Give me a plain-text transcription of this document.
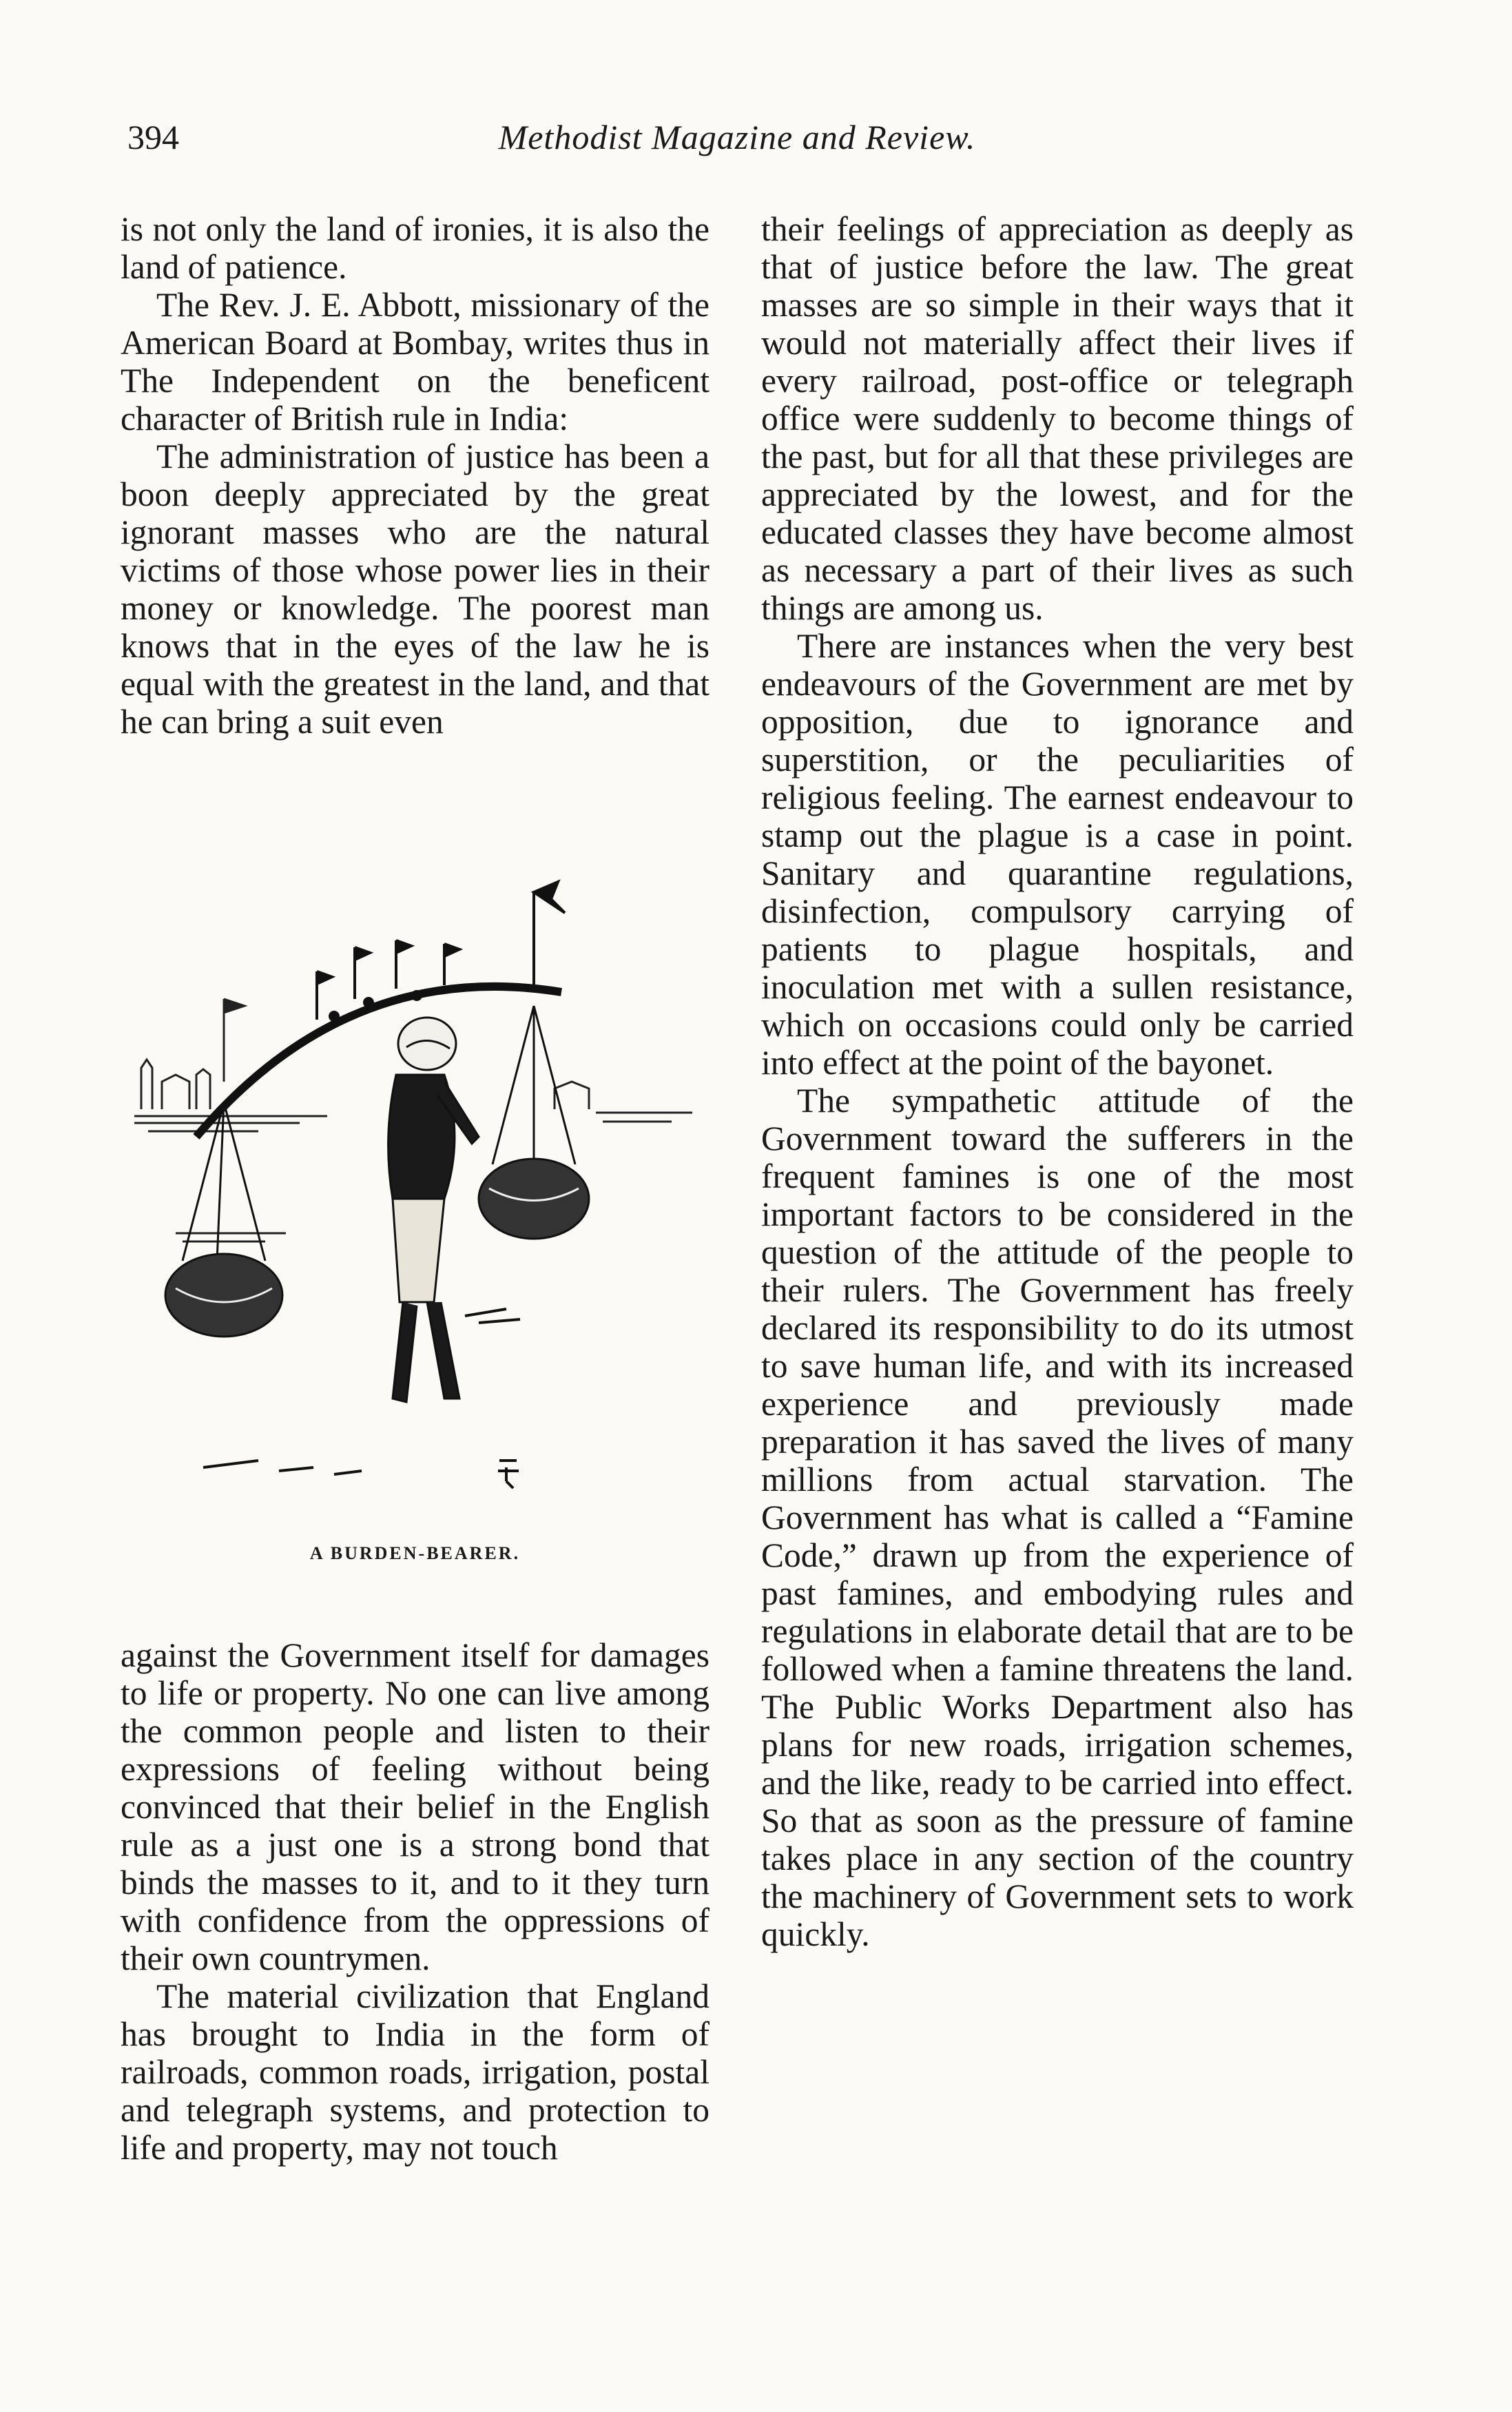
394	Methodist Magazine and Review.

is not only the land of ironies, it is also the land of patience.

The Rev. J. E. Abbott, missionary of the American Board at Bombay, writes thus in The Independent on the beneficent character of British rule in India:

The administration of justice has been a boon deeply appreciated by the great ignorant masses who are the natural victims of those whose power lies in their money or knowledge. The poorest man knows that in the eyes of the law he is equal with the greatest in the land, and that he can bring a suit even

A BURDEN-BEARER.

against the Government itself for damages to life or property. No one can live among the common people and listen to their expressions of feeling without being convinced that their belief in the English rule as a just one is a strong bond that binds the masses to it, and to it they turn with confidence from the oppressions of their own countrymen.

The material civilization that England has brought to India in the form of railroads, common roads, irrigation, postal and telegraph systems, and protection to life and property, may not touch

their feelings of appreciation as deeply as that of justice before the law. The great masses are so simple in their ways that it would not materially affect their lives if every railroad, post-office or telegraph office were suddenly to become things of the past, but for all that these privileges are appreciated by the lowest, and for the educated classes they have become almost as necessary a part of their lives as such things are among us.

There are instances when the very best endeavours of the Government are met by opposition, due to ignorance and superstition, or the peculiarities of religious feeling. The earnest endeavour to stamp out the plague is a case in point. Sanitary and quarantine regulations, disinfection, compulsory carrying of patients to plague hospitals, and inoculation met with a sullen resistance, which on occasions could only be carried into effect at the point of the bayonet.

The sympathetic attitude of the Government toward the sufferers in the frequent famines is one of the most important factors to be considered in the question of the attitude of the people to their rulers. The Government has freely declared its responsibility to do its utmost to save human life, and with its increased experience and previously made preparation it has saved the lives of many millions from actual starvation. The Government has what is called a “Famine Code,” drawn up from the experience of past famines, and embodying rules and regulations in elaborate detail that are to be followed when a famine threatens the land. The Public Works Department also has plans for new roads, irrigation schemes, and the like, ready to be carried into effect. So that as soon as the pressure of famine takes place in any section of the country the machinery of Government sets to work quickly.
